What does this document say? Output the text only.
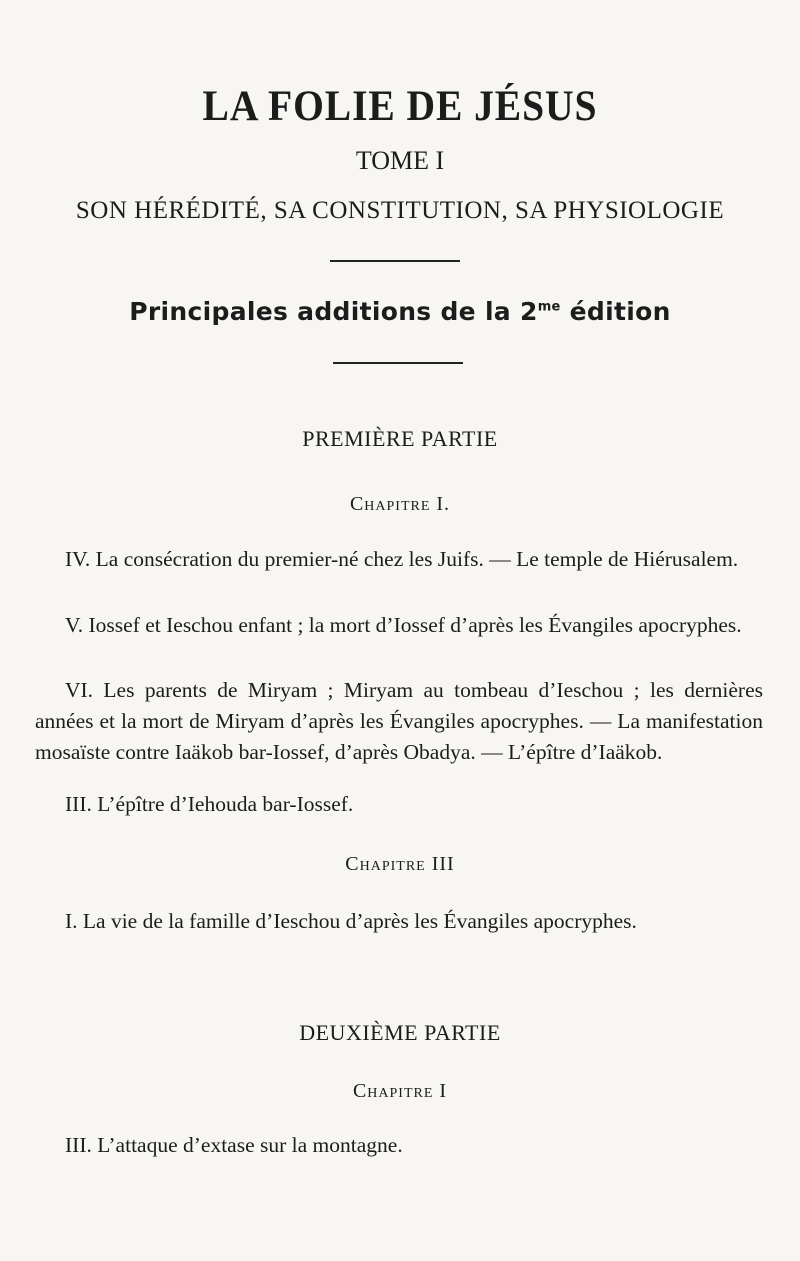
LA FOLIE DE JÉSUS
TOME I
SON HÉRÉDITÉ, SA CONSTITUTION, SA PHYSIOLOGIE
Principales additions de la $2^{me}$ édition
PREMIÈRE PARTIE
Chapitre I.

IV. La consécration du premier-né chez les Juifs. — Le temple de Hiérusalem.

V. Iossef et Ieschou enfant ; la mort d’Iossef d’après les Évangiles apocryphes.

VI. Les parents de Miryam ; Miryam au tombeau d’Ieschou ; les dernières années et la mort de Miryam d’après les Évangiles apocryphes. — La manifestation mosaïste contre Iaäkob bar-Iossef, d’après Obadya. — L’épître d’Iaäkob.

III. L’épître d’Iehouda bar-Iossef.

Chapitre III

I. La vie de la famille d’Ieschou d’après les Évangiles apocryphes.

DEUXIÈME PARTIE
Chapitre I

III. L’attaque d’extase sur la montagne.
